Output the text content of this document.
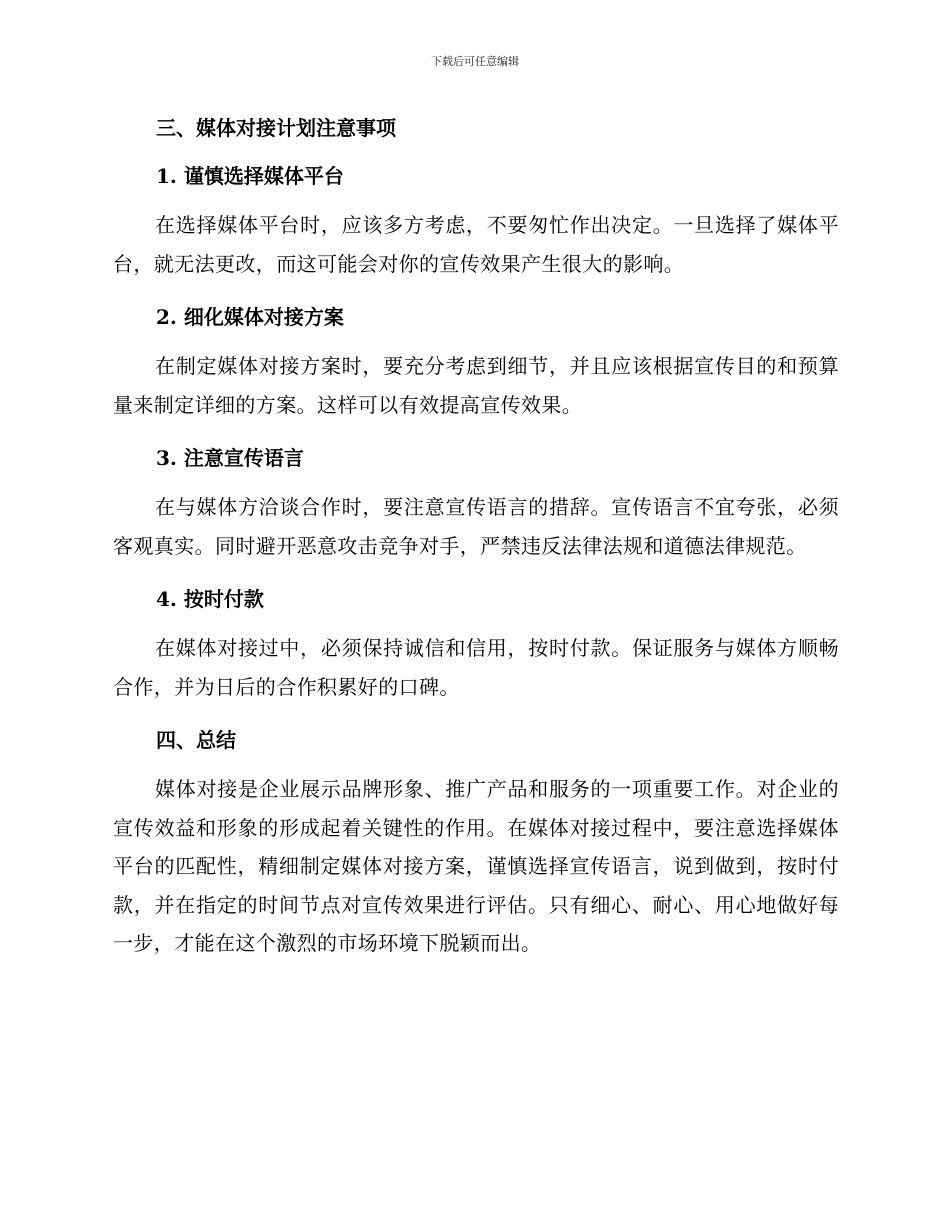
下载后可任意编辑
三、媒体对接计划注意事项
1. 谨慎选择媒体平台

在选择媒体平台时，应该多方考虑，不要匆忙作出决定。一旦选择了媒体平台，就无法更改，而这可能会对你的宣传效果产生很大的影响。

2. 细化媒体对接方案

在制定媒体对接方案时，要充分考虑到细节，并且应该根据宣传目的和预算量来制定详细的方案。这样可以有效提高宣传效果。

3. 注意宣传语言

在与媒体方洽谈合作时，要注意宣传语言的措辞。宣传语言不宜夸张，必须客观真实。同时避开恶意攻击竞争对手，严禁违反法律法规和道德法律规范。

4. 按时付款

在媒体对接过中，必须保持诚信和信用，按时付款。保证服务与媒体方顺畅合作，并为日后的合作积累好的口碑。

四、总结

媒体对接是企业展示品牌形象、推广产品和服务的一项重要工作。对企业的宣传效益和形象的形成起着关键性的作用。在媒体对接过程中，要注意选择媒体平台的匹配性，精细制定媒体对接方案，谨慎选择宣传语言，说到做到，按时付款，并在指定的时间节点对宣传效果进行评估。只有细心、耐心、用心地做好每一步，才能在这个激烈的市场环境下脱颖而出。
